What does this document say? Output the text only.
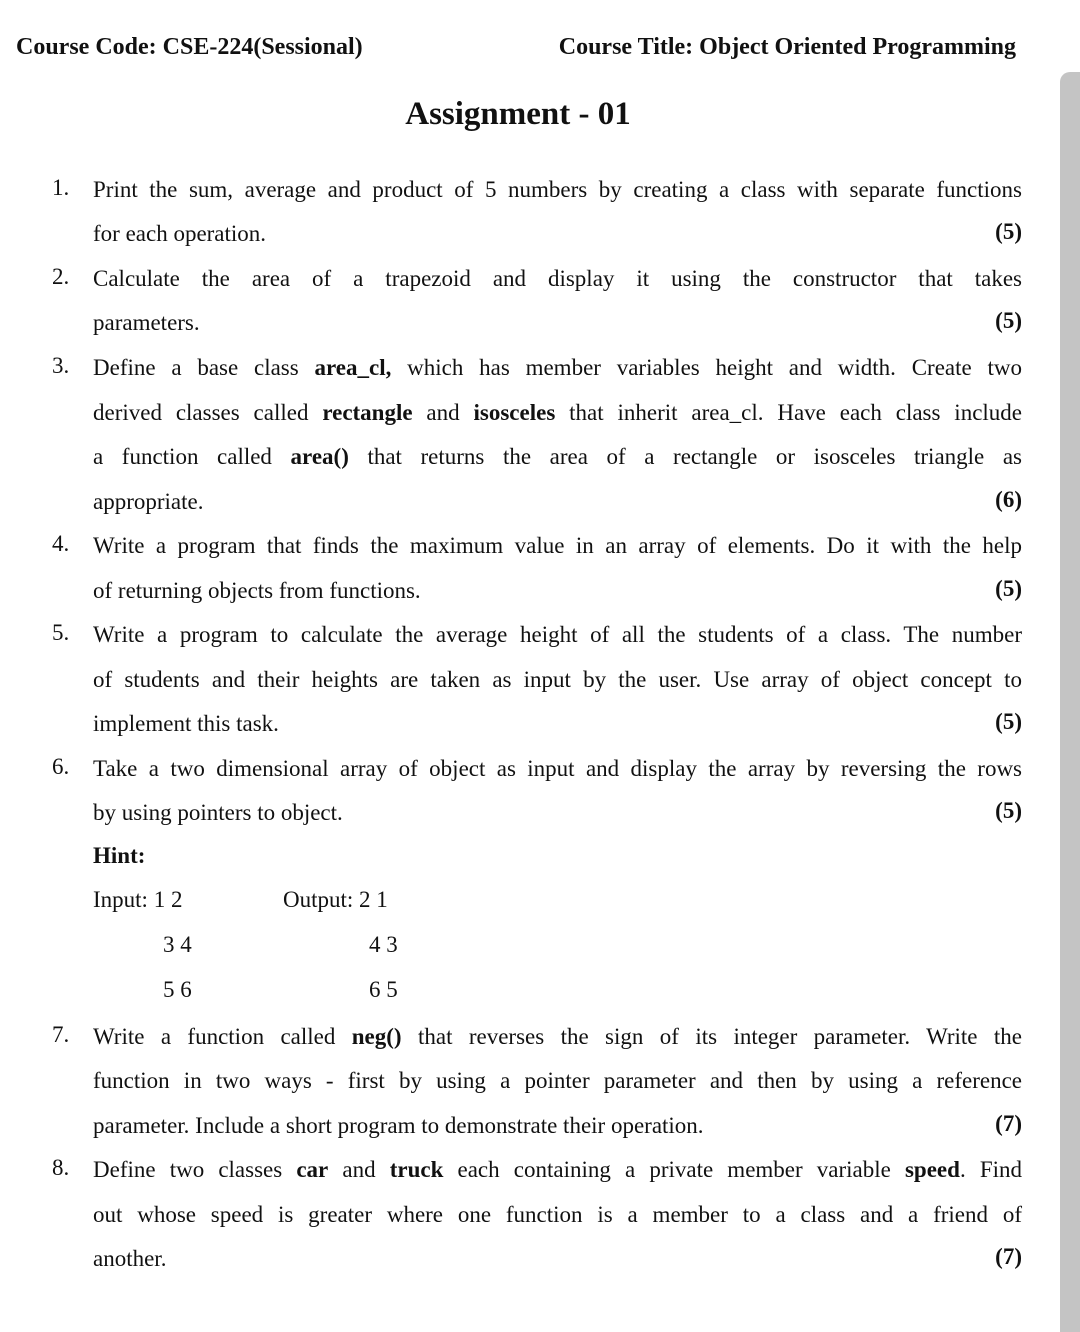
Course Code: CSE-224(Sessional)	Course Title: Object Oriented Programming
Assignment - 01
1.	Print the sum, average and product of 5 numbers by creating a class with separate functions
for each operation.	(5)
2.	Calculate the area of a trapezoid and display it using the constructor that takes
parameters.	(5)
3.	Define a base class area_cl, which has member variables height and width. Create two
derived classes called rectangle and isosceles that inherit area_cl. Have each class include
a function called area() that returns the area of a rectangle or isosceles triangle as
appropriate.	(6)
4.	Write a program that finds the maximum value in an array of elements. Do it with the help
of returning objects from functions.	(5)
5.	Write a program to calculate the average height of all the students of a class. The number
of students and their heights are taken as input by the user. Use array of object concept to
implement this task.	(5)
6.	Take a two dimensional array of object as input and display the array by reversing the rows
by using pointers to object.	(5)
Hint:
Input: 1 2
3 4
5 6
Output: 2 1
4 3
6 5
7.	Write a function called neg() that reverses the sign of its integer parameter. Write the
function in two ways - first by using a pointer parameter and then by using a reference
parameter. Include a short program to demonstrate their operation.	(7)
8.	Define two classes car and truck each containing a private member variable speed. Find
out whose speed is greater where one function is a member to a class and a friend of
another.	(7)
